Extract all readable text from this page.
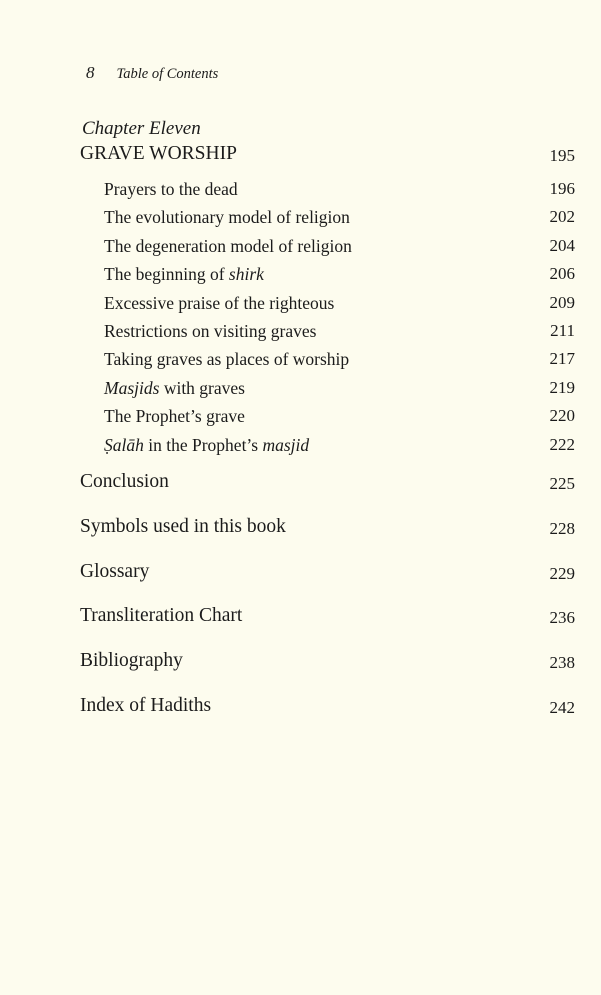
8 Table of Contents
Chapter Eleven
GRAVE WORSHIP	195
Prayers to the dead	196
The evolutionary model of religion	202
The degeneration model of religion	204
The beginning of shirk	206
Excessive praise of the righteous	209
Restrictions on visiting graves	211
Taking graves as places of worship	217
Masjids with graves	219
The Prophet’s grave	220
Ṣalāh in the Prophet’s masjid	222
Conclusion	225
Symbols used in this book	228
Glossary	229
Transliteration Chart	236
Bibliography	238
Index of Hadiths	242
